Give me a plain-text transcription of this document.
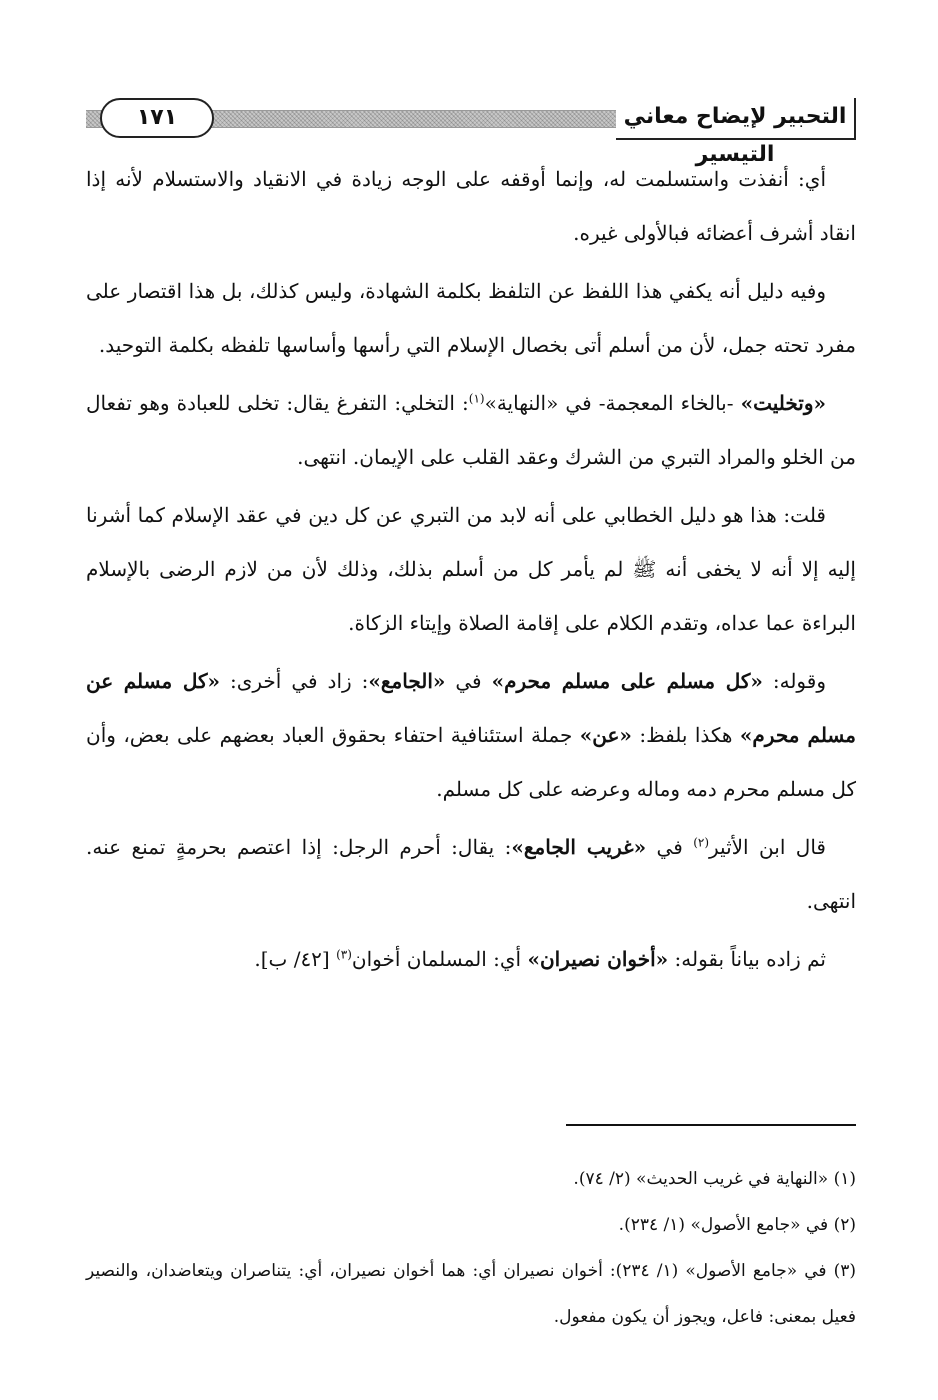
١٧١	التحبير لإيضاح معاني التيسير

أي: أنفذت واستسلمت له، وإنما أوقفه على الوجه زيادة في الانقياد والاستسلام لأنه إذا انقاد أشرف أعضائه فبالأولى غيره.

وفيه دليل أنه يكفي هذا اللفظ عن التلفظ بكلمة الشهادة، وليس كذلك، بل هذا اقتصار على مفرد تحته جمل، لأن من أسلم أتى بخصال الإسلام التي رأسها وأساسها تلفظه بكلمة التوحيد.

«وتخليت» -بالخاء المعجمة- في «النهاية»$^{(١)}$: التخلي: التفرغ يقال: تخلى للعبادة وهو تفعال من الخلو والمراد التبري من الشرك وعقد القلب على الإيمان. انتهى.

قلت: هذا هو دليل الخطابي على أنه لابد من التبري عن كل دين في عقد الإسلام كما أشرنا إليه إلا أنه لا يخفى أنه ﷺ لم يأمر كل من أسلم بذلك، وذلك لأن من لازم الرضى بالإسلام البراءة عما عداه، وتقدم الكلام على إقامة الصلاة وإيتاء الزكاة.

وقوله: «كل مسلم على مسلم محرم» في «الجامع»: زاد في أخرى: «كل مسلم عن مسلم محرم» هكذا بلفظ: «عن» جملة استئنافية احتفاء بحقوق العباد بعضهم على بعض، وأن كل مسلم محرم دمه وماله وعرضه على كل مسلم.

قال ابن الأثير$^{(٢)}$ في «غريب الجامع»: يقال: أحرم الرجل: إذا اعتصم بحرمةٍ تمنع عنه. انتهى.

ثم زاده بياناً بقوله: «أخوان نصيران» أي: المسلمان أخوان$^{(٣)}$ [٤٢/ ب].

(١) «النهاية في غريب الحديث» (٢/ ٧٤).

(٢) في «جامع الأصول» (١/ ٢٣٤).

(٣) في «جامع الأصول» (١/ ٢٣٤): أخوان نصيران أي: هما أخوان نصيران، أي: يتناصران ويتعاضدان، والنصير فعيل بمعنى: فاعل، ويجوز أن يكون مفعول.
